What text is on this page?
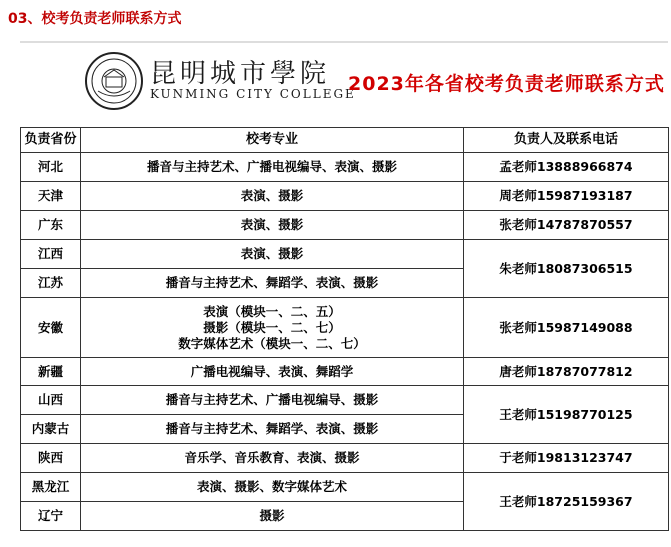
03、校考负责老师联系方式
昆明城市學院
KUNMING CITY COLLEGE
2023年各省校考负责老师联系方式
负责省份	校考专业	负责人及联系电话
河北	播音与主持艺术、广播电视编导、表演、摄影	孟老师13888966874
天津	表演、摄影	周老师15987193187
广东	表演、摄影	张老师14787870557
江西	表演、摄影	朱老师18087306515
江苏	播音与主持艺术、舞蹈学、表演、摄影	
安徽	表演（模块一、二、五）
摄影（模块一、二、七）
数字媒体艺术（模块一、二、七）	张老师15987149088
新疆	广播电视编导、表演、舞蹈学	唐老师18787077812
山西	播音与主持艺术、广播电视编导、摄影	王老师15198770125
内蒙古	播音与主持艺术、舞蹈学、表演、摄影	
陕西	音乐学、音乐教育、表演、摄影	于老师19813123747
黑龙江	表演、摄影、数字媒体艺术	王老师18725159367
辽宁	摄影	
